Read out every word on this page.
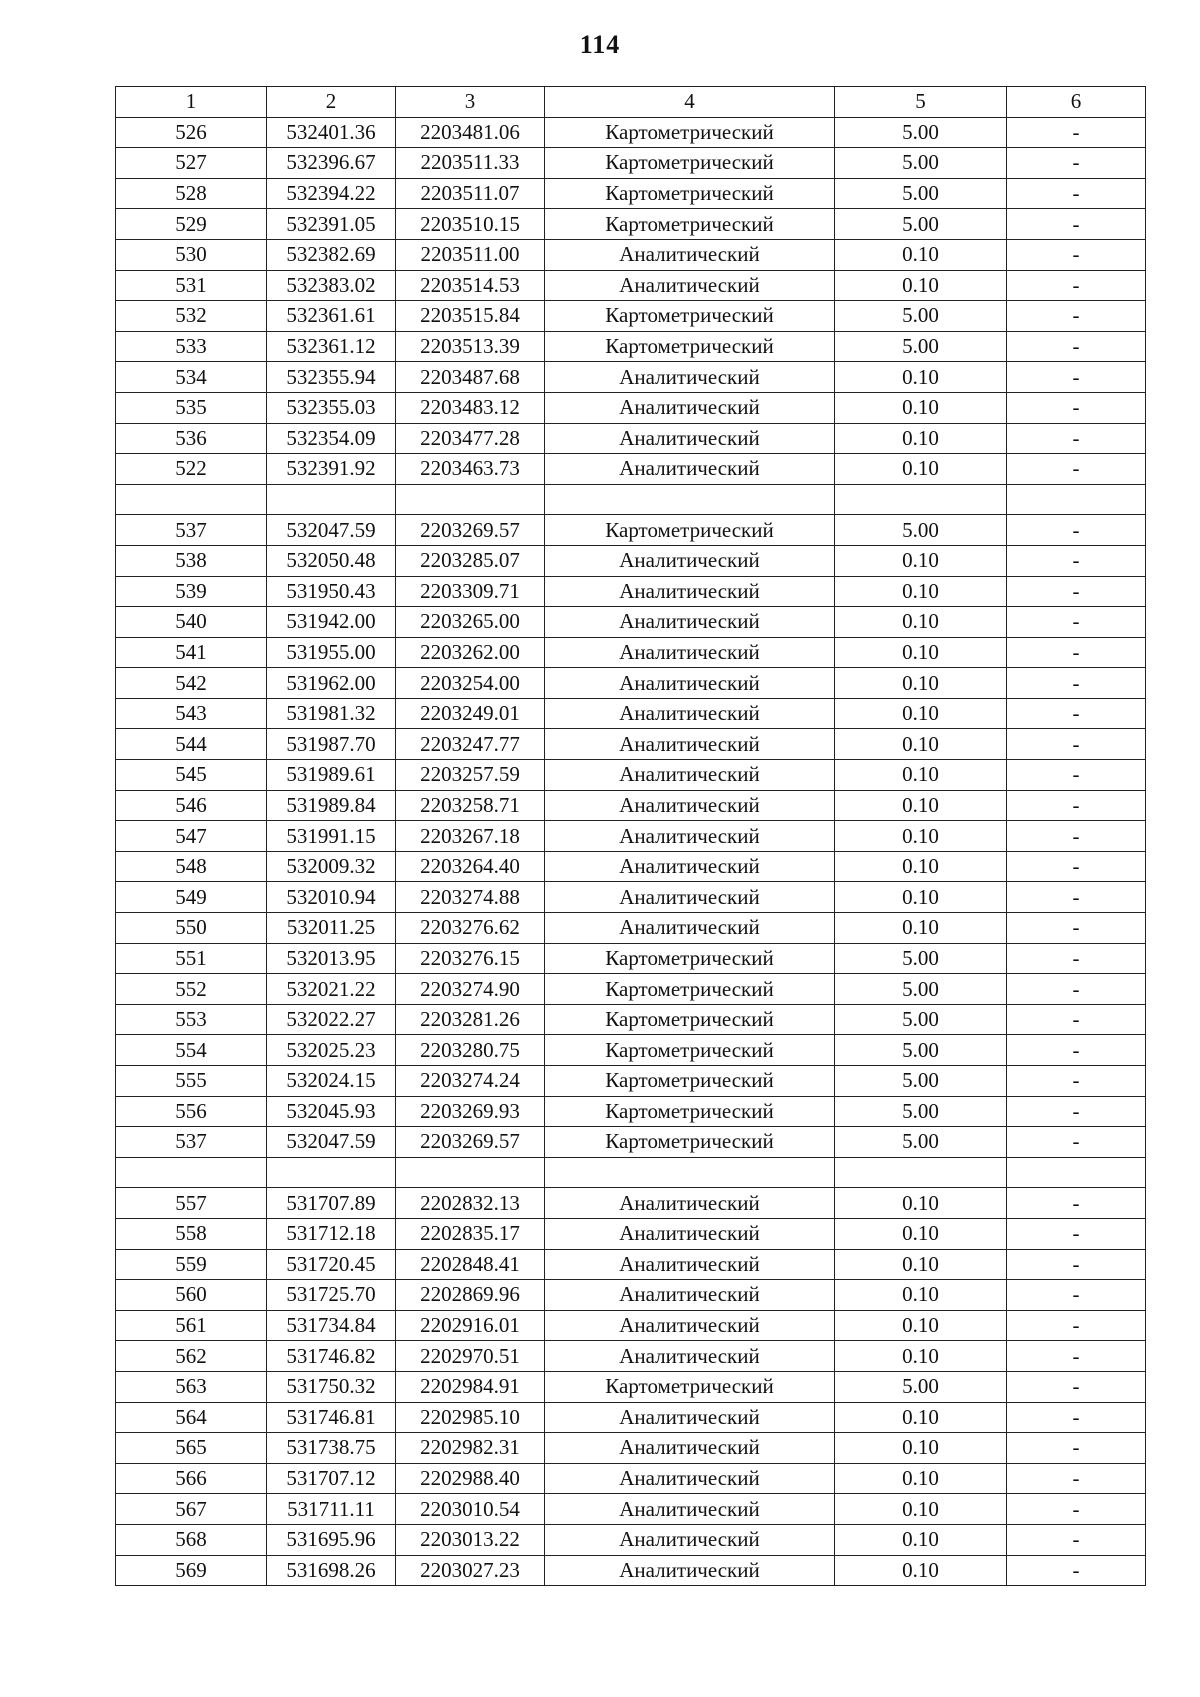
114
1	2	3	4	5	6
526	532401.36	2203481.06	Картометрический	5.00	-
527	532396.67	2203511.33	Картометрический	5.00	-
528	532394.22	2203511.07	Картометрический	5.00	-
529	532391.05	2203510.15	Картометрический	5.00	-
530	532382.69	2203511.00	Аналитический	0.10	-
531	532383.02	2203514.53	Аналитический	0.10	-
532	532361.61	2203515.84	Картометрический	5.00	-
533	532361.12	2203513.39	Картометрический	5.00	-
534	532355.94	2203487.68	Аналитический	0.10	-
535	532355.03	2203483.12	Аналитический	0.10	-
536	532354.09	2203477.28	Аналитический	0.10	-
522	532391.92	2203463.73	Аналитический	0.10	-

537	532047.59	2203269.57	Картометрический	5.00	-
538	532050.48	2203285.07	Аналитический	0.10	-
539	531950.43	2203309.71	Аналитический	0.10	-
540	531942.00	2203265.00	Аналитический	0.10	-
541	531955.00	2203262.00	Аналитический	0.10	-
542	531962.00	2203254.00	Аналитический	0.10	-
543	531981.32	2203249.01	Аналитический	0.10	-
544	531987.70	2203247.77	Аналитический	0.10	-
545	531989.61	2203257.59	Аналитический	0.10	-
546	531989.84	2203258.71	Аналитический	0.10	-
547	531991.15	2203267.18	Аналитический	0.10	-
548	532009.32	2203264.40	Аналитический	0.10	-
549	532010.94	2203274.88	Аналитический	0.10	-
550	532011.25	2203276.62	Аналитический	0.10	-
551	532013.95	2203276.15	Картометрический	5.00	-
552	532021.22	2203274.90	Картометрический	5.00	-
553	532022.27	2203281.26	Картометрический	5.00	-
554	532025.23	2203280.75	Картометрический	5.00	-
555	532024.15	2203274.24	Картометрический	5.00	-
556	532045.93	2203269.93	Картометрический	5.00	-
537	532047.59	2203269.57	Картометрический	5.00	-

557	531707.89	2202832.13	Аналитический	0.10	-
558	531712.18	2202835.17	Аналитический	0.10	-
559	531720.45	2202848.41	Аналитический	0.10	-
560	531725.70	2202869.96	Аналитический	0.10	-
561	531734.84	2202916.01	Аналитический	0.10	-
562	531746.82	2202970.51	Аналитический	0.10	-
563	531750.32	2202984.91	Картометрический	5.00	-
564	531746.81	2202985.10	Аналитический	0.10	-
565	531738.75	2202982.31	Аналитический	0.10	-
566	531707.12	2202988.40	Аналитический	0.10	-
567	531711.11	2203010.54	Аналитический	0.10	-
568	531695.96	2203013.22	Аналитический	0.10	-
569	531698.26	2203027.23	Аналитический	0.10	-
